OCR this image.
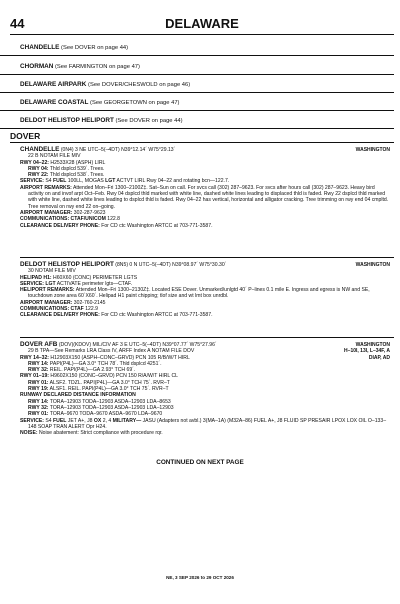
44	DELAWARE
CHANDELLE (See DOVER on page 44)
CHORMAN (See FARMINGTON on page 47)
DELAWARE AIRPARK (See DOVER/CHESWOLD on page 46)
DELAWARE COASTAL (See GEORGETOWN on page 47)
DELDOT HELISTOP HELIPORT (See DOVER on page 44)
DOVER
WASHINGTON

CHANDELLE (0N4) 3 NE UTC–5(–4DT) N39°12.14´ W75°29.13´

22 B NOTAM FILE MIV

RWY 04–22: H2533X28 (ASPH) LIRL

RWY 04: Thld dsplcd 539´. Trees.

RWY 22: Thld dsplcd 538´. Trees.

SERVICE: S4 FUEL 100LL, MOGAS LGT ACTVT LIRL Rwy 04–22 and rotating bcn—122.7.

AIRPORT REMARKS: Attended Mon–Fri 1300–2100Z‡. Sat–Sun on call. For svcs call (302) 287–9623. For svcs after hours call (302) 287–9623. Heavy bird activity on and invof arpt Oct–Feb. Rwy 04 dsplcd thld marked with white line, dashed white lines leading to displaced thld is faded. Rwy 22 dsplcd thld marked with white line, dashed white lines leading to dsplcd thld is faded. Rwy 04–22 has vertical, horizontal and alligator cracking. Tree trimming on rwy end 04 cmpltd. Tree removal on rwy end 22 on–going.

AIRPORT MANAGER: 302-287-9623

COMMUNICATIONS: CTAF/UNICOM 122.8

CLEARANCE DELIVERY PHONE: For CD ctc Washington ARTCC at 703-771-3587.

WASHINGTON

DELDOT HELISTOP HELIPORT (8N5) 0 N UTC–5(–4DT) N39°08.97´ W75°30.30´

30 NOTAM FILE MIV

HELIPAD H1: H60X60 (CONC) PERIMETER LGTS

SERVICE: LGT ACTIVATE perimeter lgts—CTAF.

HELIPORT REMARKS: Attended Mon–Fri 1300–2130Z‡. Located ESE Dover. Unmarked/unlgtd 40´ P–lines 0.1 mile E. Ingress and egress is NW and SE, touchdown zone area 60´X60´. Helipad H1 paint chipping; tlof size and wt lmt box unrdbl.

AIRPORT MANAGER: 302-760-2145

COMMUNICATIONS: CTAF 122.9

CLEARANCE DELIVERY PHONE: For CD ctc Washington ARTCC at 703-771-3587.

WASHINGTON
H–10I, 13I, L–34F, A
DIAP, AD

DOVER AFB (DOV)(KDOV) MIL/CIV AF 3 E UTC–5(–4DT) N39°07.77´ W75°27.96´

29 B TPA—See Remarks LRA Class IV, ARFF Index A NOTAM FILE DOV

RWY 14–32: H12903X150 (ASPH–CONC–GRVD) PCN 105 R/B/W/T HIRL

RWY 14: PAPI(P4L)—GA 3.0° TCH 78´. Thld dsplcd 4251´.

RWY 32: REIL. PAPI(P4L)—GA 2.93° TCH 69´.

RWY 01–19: H9602X150 (CONC–GRVD) PCN 150 R/A/W/T HIRL CL

RWY 01: ALSF2. TDZL. PAPI(P4L)—GA 3.0° TCH 75´. RVR–T

RWY 19: ALSF1. REIL. PAPI(P4L)—GA 3.0° TCH 75´. RVR–T

RUNWAY DECLARED DISTANCE INFORMATION

RWY 14: TORA–12903 TODA–12903 ASDA–12903 LDA–8653

RWY 32: TORA–12903 TODA–12903 ASDA–12903 LDA–12903

RWY 01: TORA–9670 TODA–9670 ASDA–9670 LDA–9670

SERVICE: S4 FUEL JET A+, J8 OX 2, 4 MILITARY— JASU (Adapters not avbl.) 3(MA–1A) (M32A–86) FUEL A+, J8 FLUID SP PRESAIR LPOX LOX OIL O–133–148 SOAP TRAN ALERT Opr H24.

NOISE: Noise abatement: Strict compliance with procedure rqr.

CONTINUED ON NEXT PAGE
NE, 3 SEP 2026 to 29 OCT 2026
